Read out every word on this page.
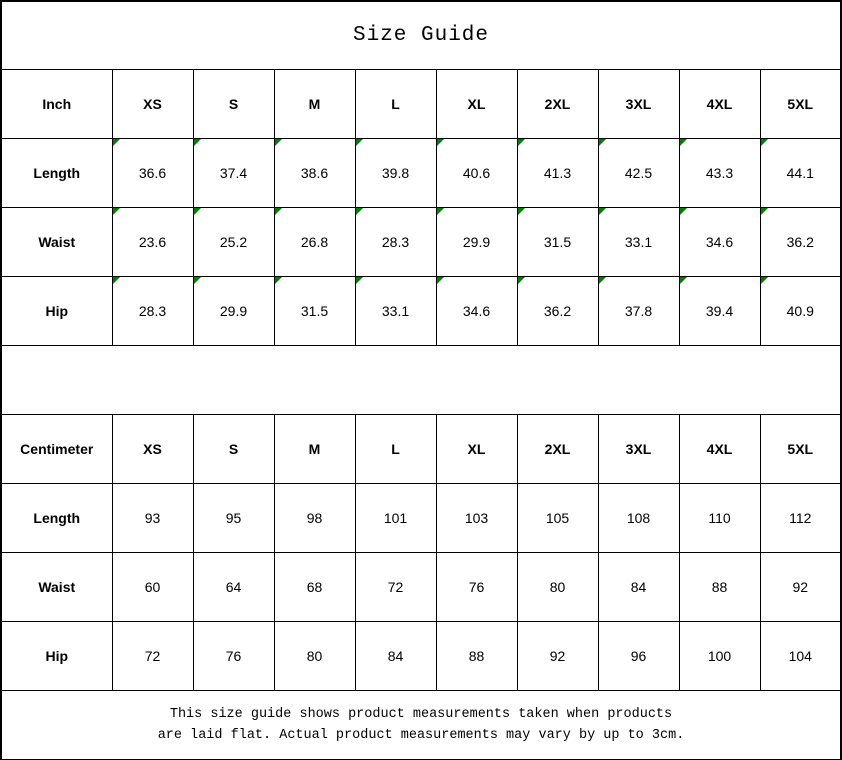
Size Guide									
Inch	XS	S	M	L	XL	2XL	3XL	4XL	5XL
Length	36.6	37.4	38.6	39.8	40.6	41.3	42.5	43.3	44.1
Waist	23.6	25.2	26.8	28.3	29.9	31.5	33.1	34.6	36.2
Hip	28.3	29.9	31.5	33.1	34.6	36.2	37.8	39.4	40.9

Centimeter	XS	S	M	L	XL	2XL	3XL	4XL	5XL
Length	93	95	98	101	103	105	108	110	112
Waist	60	64	68	72	76	80	84	88	92
Hip	72	76	80	84	88	92	96	100	104

This size guide shows product measurements taken when products
are laid flat. Actual product measurements may vary by up to 3cm.									
